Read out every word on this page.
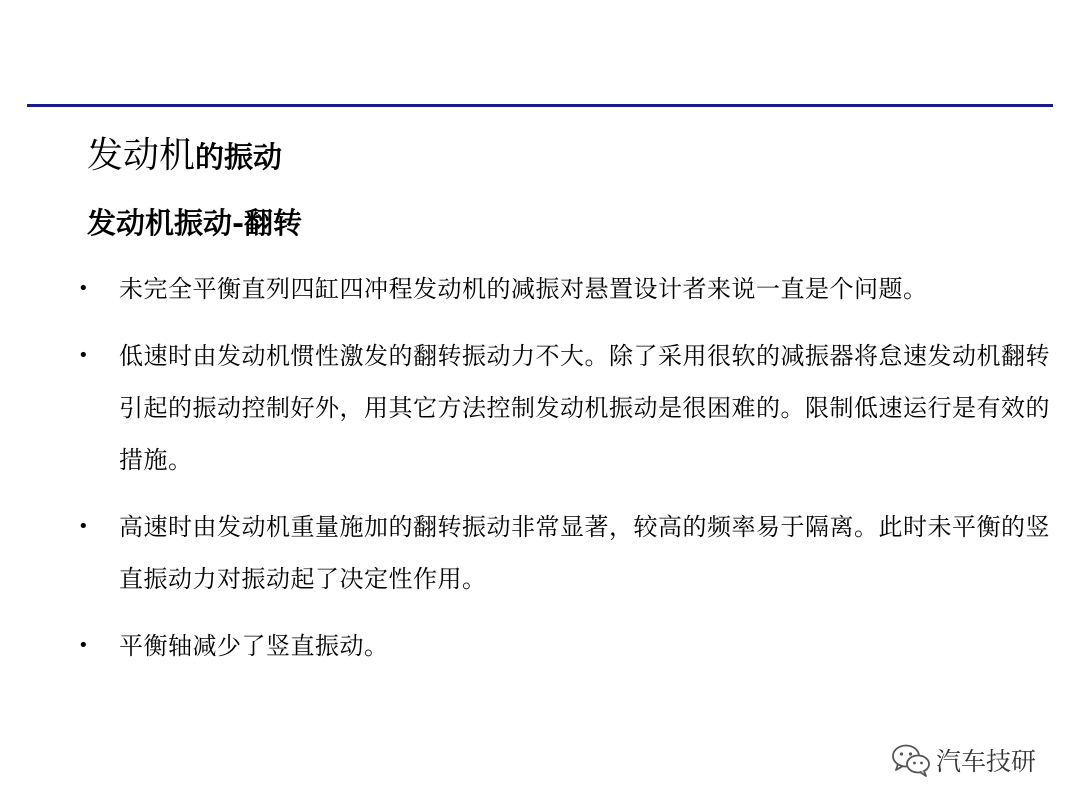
发动机的振动
发动机振动-翻转
• 未完全平衡直列四缸四冲程发动机的减振对悬置设计者来说一直是个问题。
• 低速时由发动机惯性激发的翻转振动力不大。除了采用很软的减振器将怠速发动机翻转引起的振动控制好外，用其它方法控制发动机振动是很困难的。限制低速运行是有效的措施。
• 高速时由发动机重量施加的翻转振动非常显著，较高的频率易于隔离。此时未平衡的竖直振动力对振动起了决定性作用。
• 平衡轴减少了竖直振动。
汽车技研
